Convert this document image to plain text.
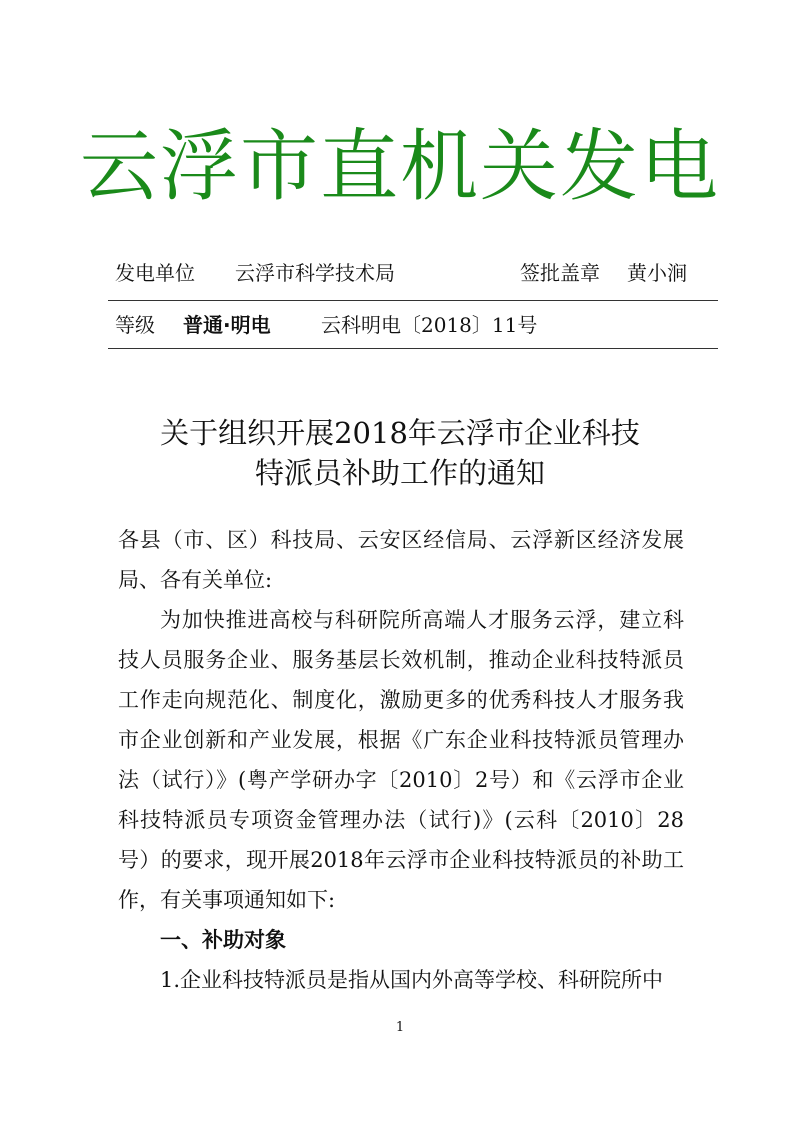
云浮市直机关发电
发电单位 云浮市科学技术局	签批盖章 黄小涧
等级 普通·明电	云科明电〔2018〕11号
关于组织开展2018年云浮市企业科技
特派员补助工作的通知

各县（市、区）科技局、云安区经信局、云浮新区经济发展局、各有关单位:

为加快推进高校与科研院所高端人才服务云浮，建立科技人员服务企业、服务基层长效机制，推动企业科技特派员工作走向规范化、制度化，激励更多的优秀科技人才服务我市企业创新和产业发展，根据《广东企业科技特派员管理办法（试行）》(粤产学研办字〔2010〕2号）和《云浮市企业科技特派员专项资金管理办法（试行)》(云科〔2010〕28号）的要求，现开展2018年云浮市企业科技特派员的补助工作，有关事项通知如下:

一、补助对象

1.企业科技特派员是指从国内外高等学校、科研院所中

1
